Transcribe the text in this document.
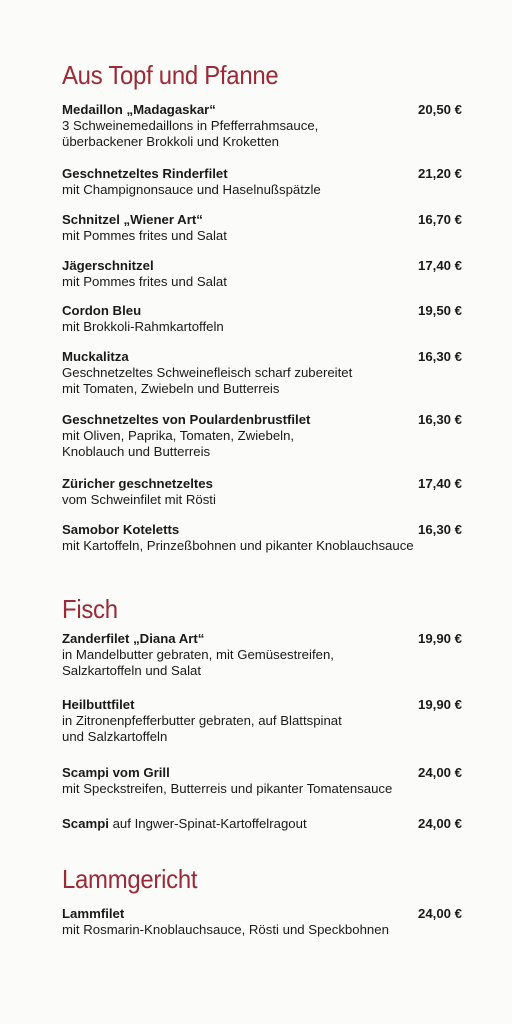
Aus Topf und Pfanne
Medaillon „Madagaskar“	20,50 €
3 Schweinemedaillons in Pfefferrahmsauce,
überbackener Brokkoli und Kroketten
Geschnetzeltes Rinderfilet	21,20 €
mit Champignonsauce und Haselnußspätzle
Schnitzel „Wiener Art“	16,70 €
mit Pommes frites und Salat
Jägerschnitzel	17,40 €
mit Pommes frites und Salat
Cordon Bleu	19,50 €
mit Brokkoli-Rahmkartoffeln
Muckalitza	16,30 €
Geschnetzeltes Schweinefleisch scharf zubereitet
mit Tomaten, Zwiebeln und Butterreis
Geschnetzeltes von Poulardenbrustfilet	16,30 €
mit Oliven, Paprika, Tomaten, Zwiebeln,
Knoblauch und Butterreis
Züricher geschnetzeltes	17,40 €
vom Schweinfilet mit Rösti
Samobor Koteletts	16,30 €
mit Kartoffeln, Prinzeßbohnen und pikanter Knoblauchsauce
Fisch
Zanderfilet „Diana Art“	19,90 €
in Mandelbutter gebraten, mit Gemüsestreifen,
Salzkartoffeln und Salat
Heilbuttfilet	19,90 €
in Zitronenpfefferbutter gebraten, auf Blattspinat
und Salzkartoffeln
Scampi vom Grill	24,00 €
mit Speckstreifen, Butterreis und pikanter Tomatensauce
Scampi auf Ingwer-Spinat-Kartoffelragout	24,00 €
Lammgericht
Lammfilet	24,00 €
mit Rosmarin-Knoblauchsauce, Rösti und Speckbohnen
